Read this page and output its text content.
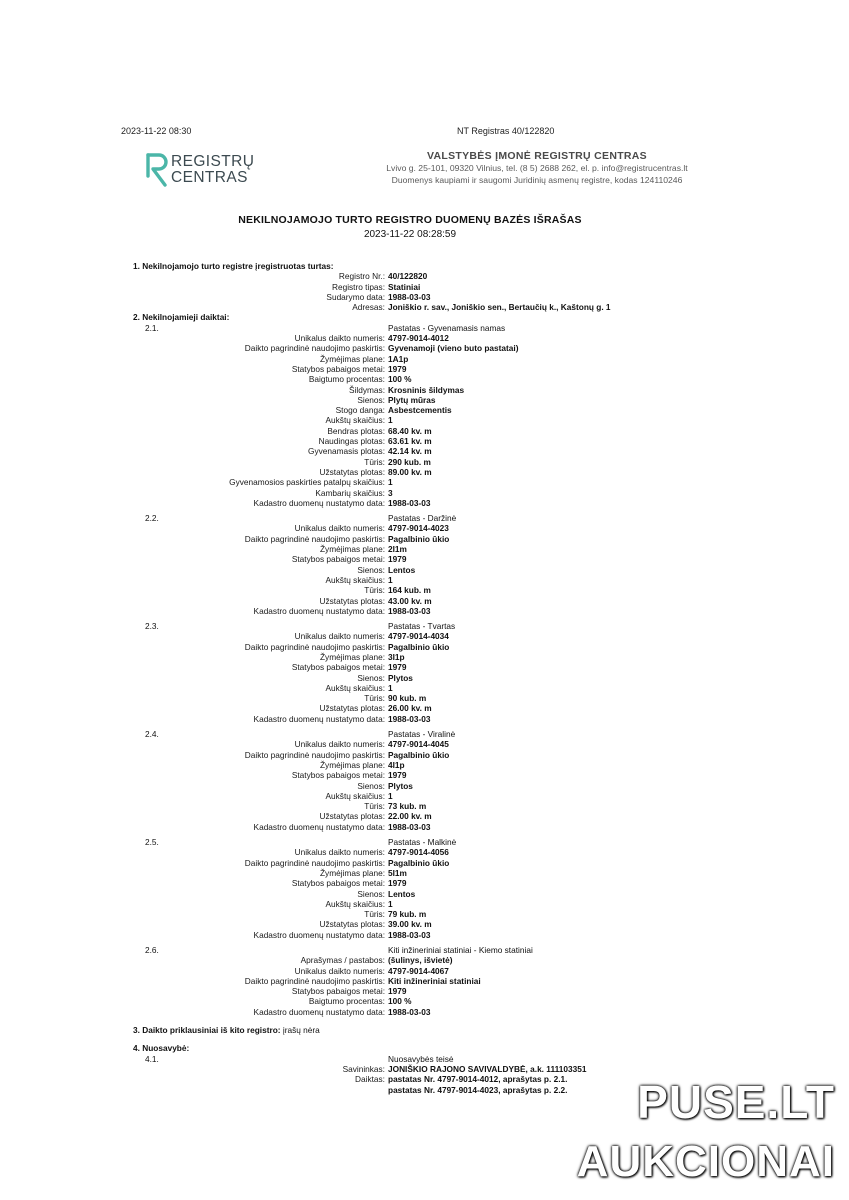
2023-11-22 08:30	NT Registras 40/122820
REGISTRŲ
CENTRAS
VALSTYBĖS ĮMONĖ REGISTRŲ CENTRAS
Lvivo g. 25-101, 09320 Vilnius, tel. (8 5) 2688 262, el. p. info@registrucentras.lt
Duomenys kaupiami ir saugomi Juridinių asmenų registre, kodas 124110246
NEKILNOJAMOJO TURTO REGISTRO DUOMENŲ BAZĖS IŠRAŠAS
2023-11-22 08:28:59
1. Nekilnojamojo turto registre įregistruotas turtas:
Registro Nr.: 40/122820
Registro tipas: Statiniai
Sudarymo data: 1988-03-03
Adresas: Joniškio r. sav., Joniškio sen., Bertaučių k., Kaštonų g. 1
2. Nekilnojamieji daiktai:
2.1.	Pastatas - Gyvenamasis namas
Unikalus daikto numeris: 4797-9014-4012
Daikto pagrindinė naudojimo paskirtis: Gyvenamoji (vieno buto pastatai)
Žymėjimas plane: 1A1p
Statybos pabaigos metai: 1979
Baigtumo procentas: 100 %
Šildymas: Krosninis šildymas
Sienos: Plytų mūras
Stogo danga: Asbestcementis
Aukštų skaičius: 1
Bendras plotas: 68.40 kv. m
Naudingas plotas: 63.61 kv. m
Gyvenamasis plotas: 42.14 kv. m
Tūris: 290 kub. m
Užstatytas plotas: 89.00 kv. m
Gyvenamosios paskirties patalpų skaičius: 1
Kambarių skaičius: 3
Kadastro duomenų nustatymo data: 1988-03-03
2.2.	Pastatas - Daržinė
Unikalus daikto numeris: 4797-9014-4023
Daikto pagrindinė naudojimo paskirtis: Pagalbinio ūkio
Žymėjimas plane: 2I1m
Statybos pabaigos metai: 1979
Sienos: Lentos
Aukštų skaičius: 1
Tūris: 164 kub. m
Užstatytas plotas: 43.00 kv. m
Kadastro duomenų nustatymo data: 1988-03-03
2.3.	Pastatas - Tvartas
Unikalus daikto numeris: 4797-9014-4034
Daikto pagrindinė naudojimo paskirtis: Pagalbinio ūkio
Žymėjimas plane: 3I1p
Statybos pabaigos metai: 1979
Sienos: Plytos
Aukštų skaičius: 1
Tūris: 90 kub. m
Užstatytas plotas: 26.00 kv. m
Kadastro duomenų nustatymo data: 1988-03-03
2.4.	Pastatas - Viralinė
Unikalus daikto numeris: 4797-9014-4045
Daikto pagrindinė naudojimo paskirtis: Pagalbinio ūkio
Žymėjimas plane: 4I1p
Statybos pabaigos metai: 1979
Sienos: Plytos
Aukštų skaičius: 1
Tūris: 73 kub. m
Užstatytas plotas: 22.00 kv. m
Kadastro duomenų nustatymo data: 1988-03-03
2.5.	Pastatas - Malkinė
Unikalus daikto numeris: 4797-9014-4056
Daikto pagrindinė naudojimo paskirtis: Pagalbinio ūkio
Žymėjimas plane: 5I1m
Statybos pabaigos metai: 1979
Sienos: Lentos
Aukštų skaičius: 1
Tūris: 79 kub. m
Užstatytas plotas: 39.00 kv. m
Kadastro duomenų nustatymo data: 1988-03-03
2.6.	Kiti inžineriniai statiniai - Kiemo statiniai
Aprašymas / pastabos: (šulinys, išvietė)
Unikalus daikto numeris: 4797-9014-4067
Daikto pagrindinė naudojimo paskirtis: Kiti inžineriniai statiniai
Statybos pabaigos metai: 1979
Baigtumo procentas: 100 %
Kadastro duomenų nustatymo data: 1988-03-03
3. Daikto priklausiniai iš kito registro: įrašų nėra
4. Nuosavybė:
4.1.	Nuosavybės teisė
Savininkas: JONIŠKIO RAJONO SAVIVALDYBĖ, a.k. 111103351
Daiktas: pastatas Nr. 4797-9014-4012, aprašytas p. 2.1.
pastatas Nr. 4797-9014-4023, aprašytas p. 2.2. PUSE.LT
AUKCIONAI
